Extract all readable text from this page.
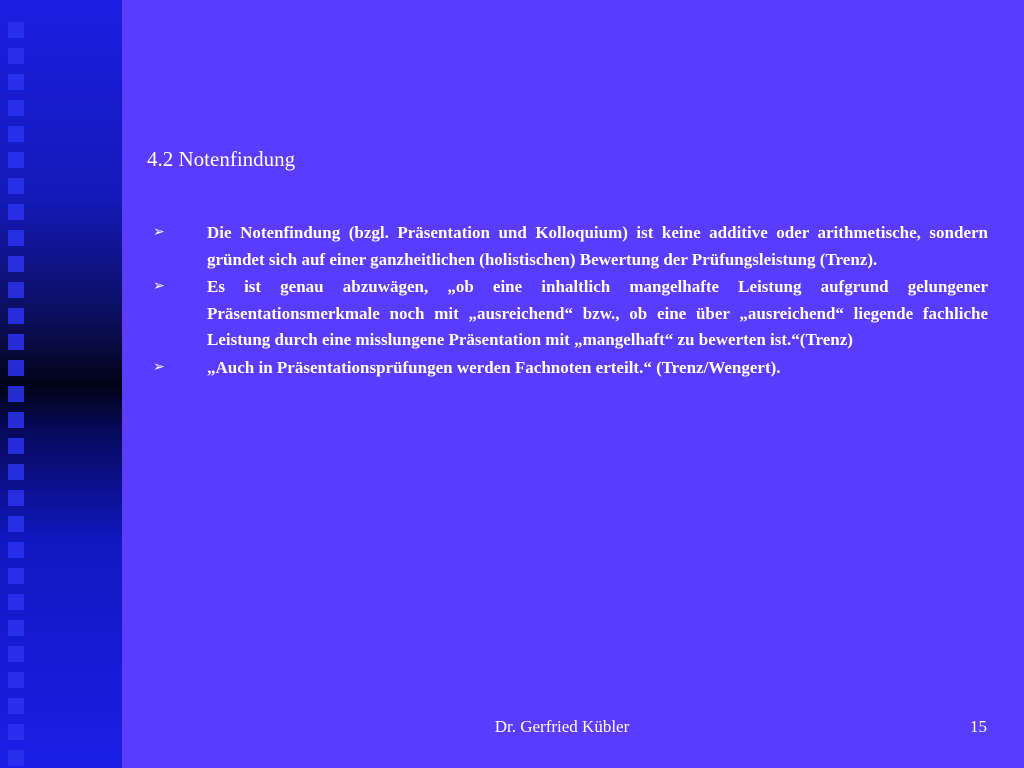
4.2 Notenfindung
➢ Die Notenfindung (bzgl. Präsentation und Kolloquium) ist keine additive oder arithmetische, sondern gründet sich auf einer ganzheitlichen (holistischen) Bewertung der Prüfungsleistung (Trenz).
➢ Es ist genau abzuwägen, „ob eine inhaltlich mangelhafte Leistung aufgrund gelungener Präsentationsmerkmale noch mit „ausreichend“ bzw., ob eine über „ausreichend“ liegende fachliche Leistung durch eine misslungene Präsentation mit „mangelhaft“ zu bewerten ist.“(Trenz)
➢ „Auch in Präsentationsprüfungen werden Fachnoten erteilt.“ (Trenz/Wengert).
Dr. Gerfried Kübler	15
